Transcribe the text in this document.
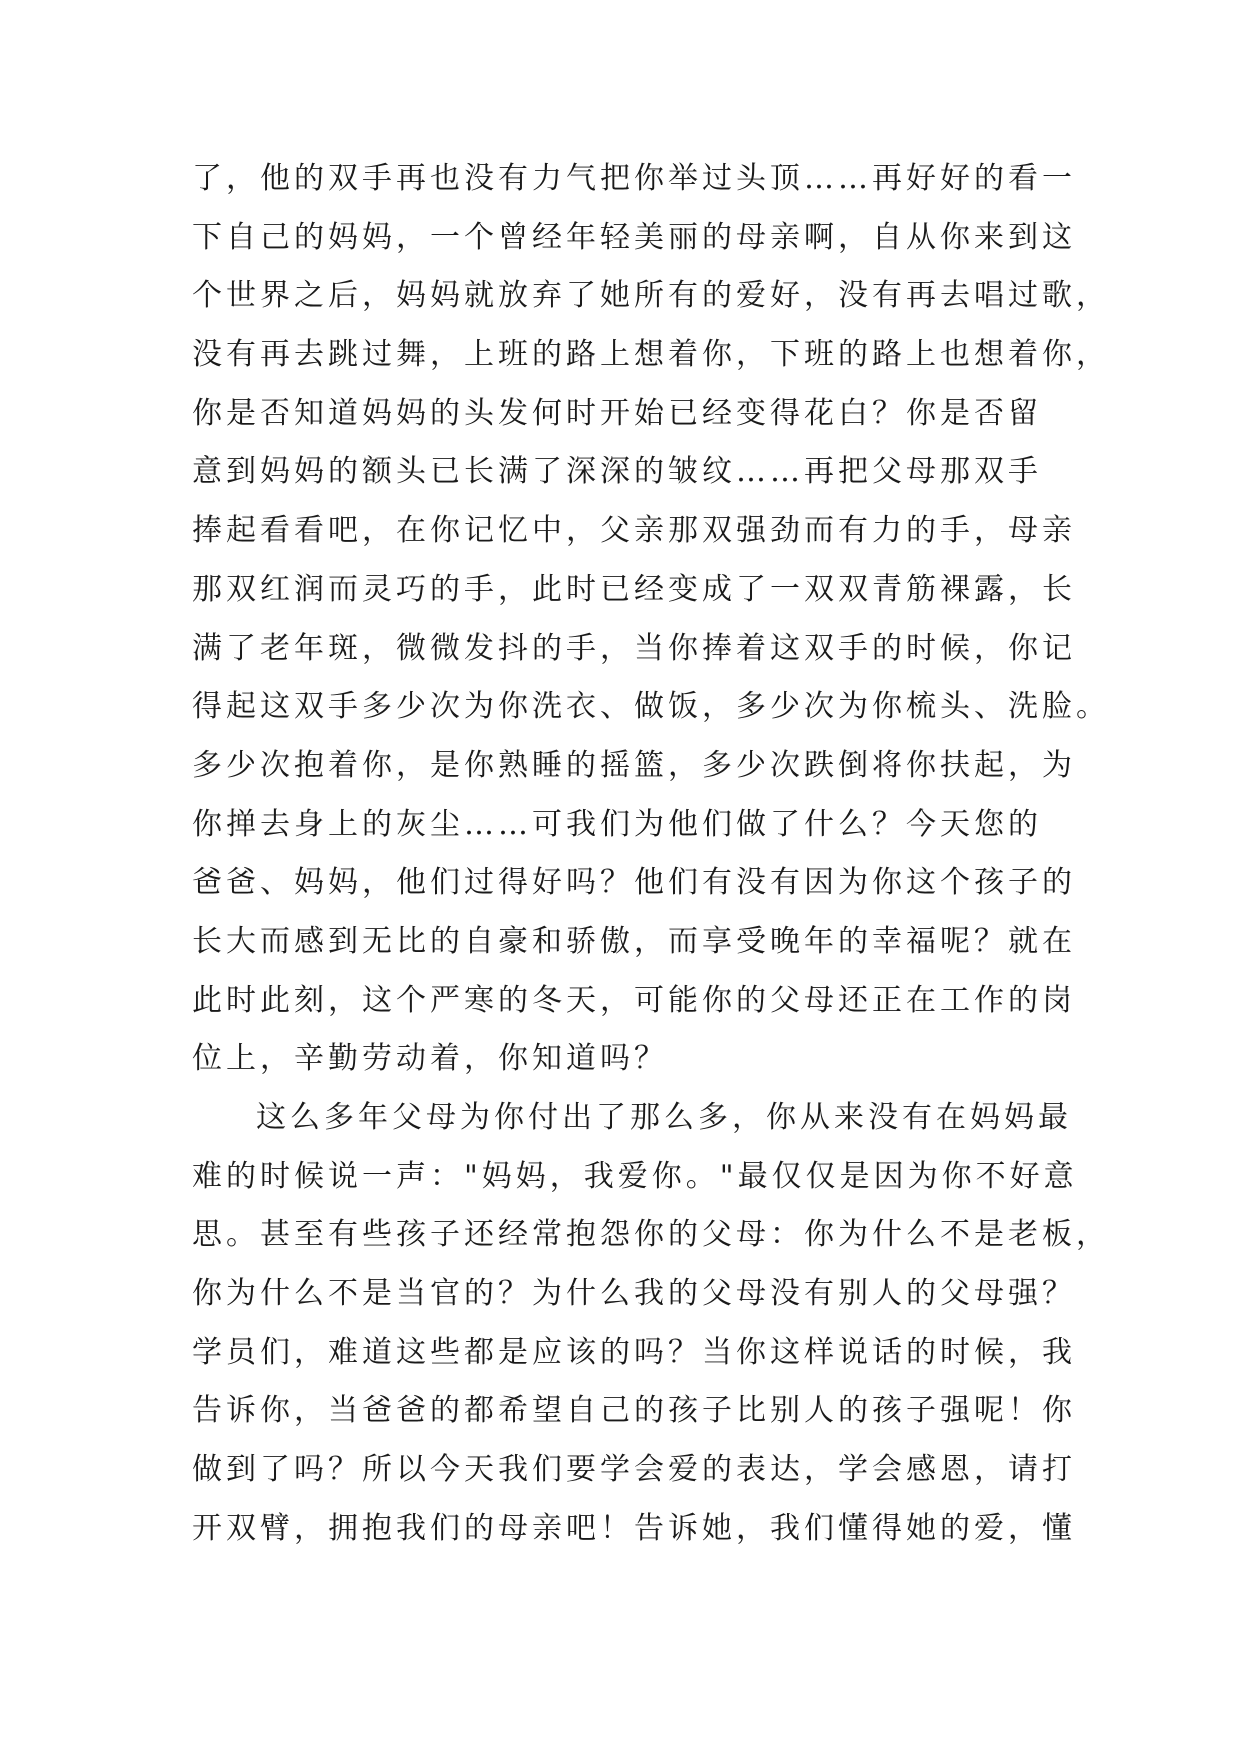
了，他的双手再也没有力气把你举过头顶……再好好的看一
下自己的妈妈，一个曾经年轻美丽的母亲啊，自从你来到这
个世界之后，妈妈就放弃了她所有的爱好，没有再去唱过歌，
没有再去跳过舞，上班的路上想着你，下班的路上也想着你，
你是否知道妈妈的头发何时开始已经变得花白？你是否留
意到妈妈的额头已长满了深深的皱纹……再把父母那双手
捧起看看吧，在你记忆中，父亲那双强劲而有力的手，母亲
那双红润而灵巧的手，此时已经变成了一双双青筋裸露，长
满了老年斑，微微发抖的手，当你捧着这双手的时候，你记
得起这双手多少次为你洗衣、做饭，多少次为你梳头、洗脸。
多少次抱着你，是你熟睡的摇篮，多少次跌倒将你扶起，为
你掸去身上的灰尘……可我们为他们做了什么？今天您的
爸爸、妈妈，他们过得好吗？他们有没有因为你这个孩子的
长大而感到无比的自豪和骄傲，而享受晚年的幸福呢？就在
此时此刻，这个严寒的冬天，可能你的父母还正在工作的岗
位上，辛勤劳动着，你知道吗？
这么多年父母为你付出了那么多，你从来没有在妈妈最
难的时候说一声："妈妈，我爱你。"最仅仅是因为你不好意
思。甚至有些孩子还经常抱怨你的父母：你为什么不是老板，
你为什么不是当官的？为什么我的父母没有别人的父母强？
学员们，难道这些都是应该的吗？当你这样说话的时候，我
告诉你，当爸爸的都希望自己的孩子比别人的孩子强呢！你
做到了吗？所以今天我们要学会爱的表达，学会感恩，请打
开双臂，拥抱我们的母亲吧！告诉她，我们懂得她的爱，懂
